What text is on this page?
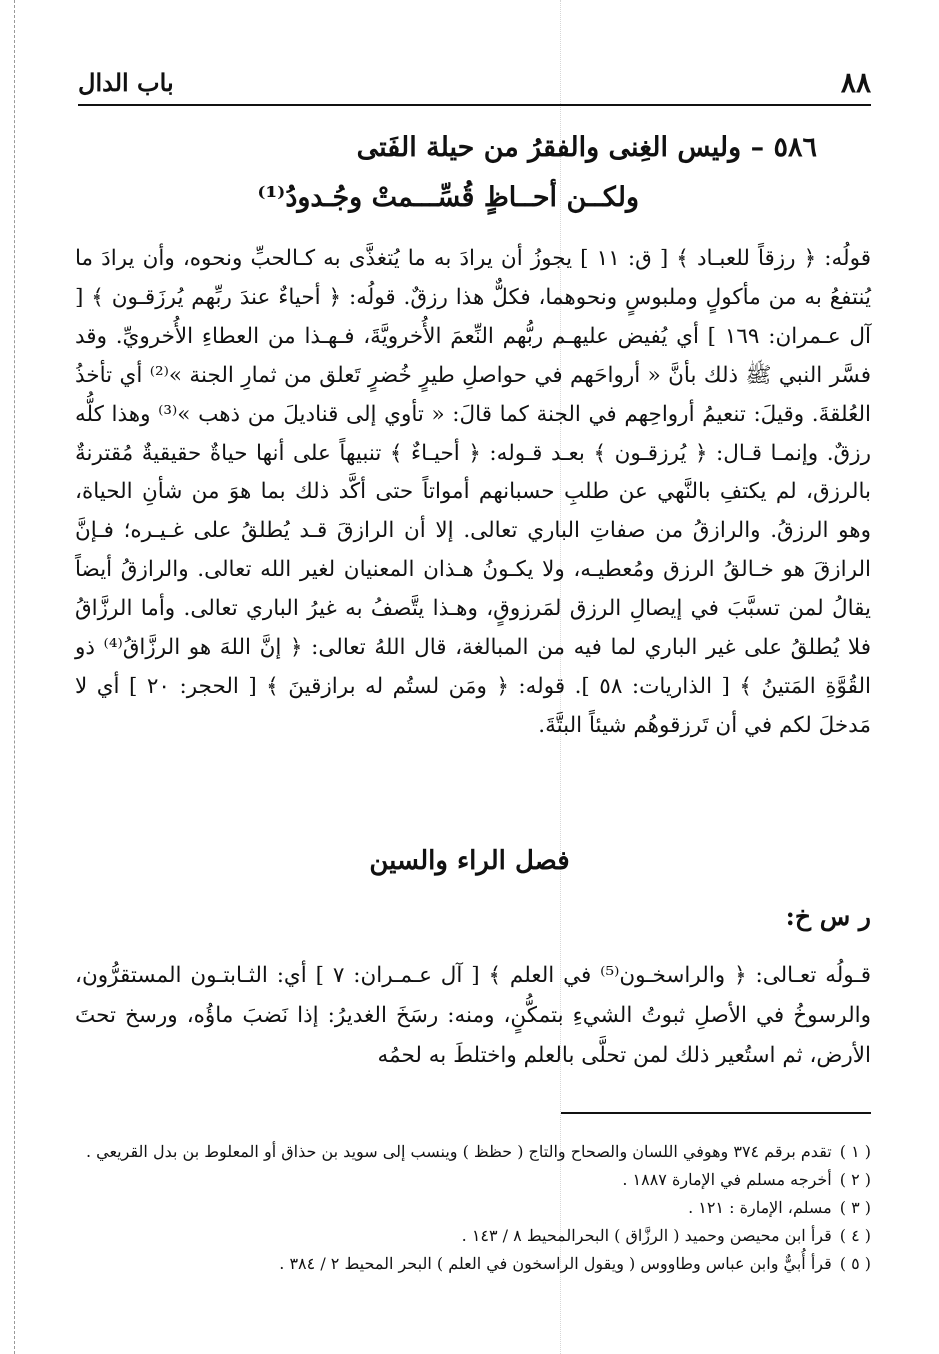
٨٨
باب الدال
٥٨٦ – وليس الغِنى والفقرُ من حيلة الفَتى
ولكــن أحــاظٍ قُسِّـــمتْ وجُـدودُ⁽¹⁾

قولُه: ﴿ رزقاً للعبـاد ﴾ [ ق: ١١ ] يجوزُ أن يرادَ به ما يُتغذَّى به كـالحبِّ ونحوه، وأن يرادَ ما يُنتفعُ به من مأكولٍ وملبوسٍ ونحوهما، فكلٌّ هذا رزقٌ. قولُه: ﴿ أحياءٌ عندَ ربِّهم يُرزَقـون ﴾ [ آل عـمران: ١٦٩ ] أي يُفيض عليهـم ربُّهم النِّعمَ الأُخرويَّةَ، فـهـذا من العطاءِ الأُخرويِّ. وقد فسَّر النبي ﷺ ذلك بأنَّ « أرواحَهم في حواصلِ طيرٍ خُضرٍ تَعلق من ثمارِ الجنة »⁽²⁾ أي تأخذُ العُلقةَ. وقيلَ: تنعيمُ أرواحِهم في الجنة كما قالَ: « تأوي إلى قناديلَ من ذهب »⁽³⁾ وهذا كلُّه رزقٌ. وإنمـا قـال: ﴿ يُرزقـون ﴾ بعـد قـوله: ﴿ أحيـاءٌ ﴾ تنبيهاً على أنها حياةٌ حقيقيةٌ مُقترنةٌ بالرزق، لم يكتفِ بالنَّهي عن طلبِ حسبانهم أمواتاً حتى أكَّد ذلك بما هوَ من شأنِ الحياة، وهو الرزقُ. والرازقُ من صفاتِ الباري تعالى. إلا أن الرازقَ قـد يُطلقُ على غـيـره؛ فـإنَّ الرازقَ هو خـالقُ الرزق ومُعطيـه، ولا يكـونُ هـذان المعنيان لغير الله تعالى. والرازقُ أيضاً يقالُ لمن تسبَّبَ في إيصالِ الرزق لمَرزوقٍ، وهـذا يتَّصفُ به غيرُ الباري تعالى. وأما الرزَّاقُ فلا يُطلقُ على غير الباري لما فيه من المبالغة، قال اللهُ تعالى: ﴿ إنَّ اللهَ هو الرزَّاقُ⁽⁴⁾ ذو القُوَّةِ المَتينُ ﴾ [ الذاريات: ٥٨ ]. قوله: ﴿ ومَن لستُم له برازقينَ ﴾ [ الحجر: ٢٠ ] أي لا مَدخلَ لكم في أن تَرزقوهُم شيئاً البتَّةَ.

فصل الراء والسين
ر س خ:

قـولُه تعـالى: ﴿ والراسخـون⁽⁵⁾ في العلم ﴾ [ آل عـمـران: ٧ ] أي: الثـابتـون المستقرُّون، والرسوخُ في الأصلِ ثبوتُ الشيءِ بتمكُّنٍ، ومنه: رسَخَ الغديرُ: إذا نَضبَ ماؤُه، ورسخ تحتَ الأرض، ثم استُعير ذلك لمن تحلَّى بالعلم واختلطَ به لحمُه

( ١ )تقدم برقم ٣٧٤ وهوفي اللسان والصحاح والتاج ( حظظ ) وينسب إلى سويد بن حذاق أو المعلوط بن بدل القريعي .

( ٢ )أخرجه مسلم في الإمارة ١٨٨٧ .

( ٣ )مسلم، الإمارة : ١٢١ .

( ٤ )قرأ ابن محيصن وحميد ( الرزَّاق ) البحرالمحيط ٨ / ١٤٣ .

( ٥ )قرأ أُبيٌّ وابن عباس وطاووس ( ويقول الراسخون في العلم ) البحر المحيط ٢ / ٣٨٤ .
